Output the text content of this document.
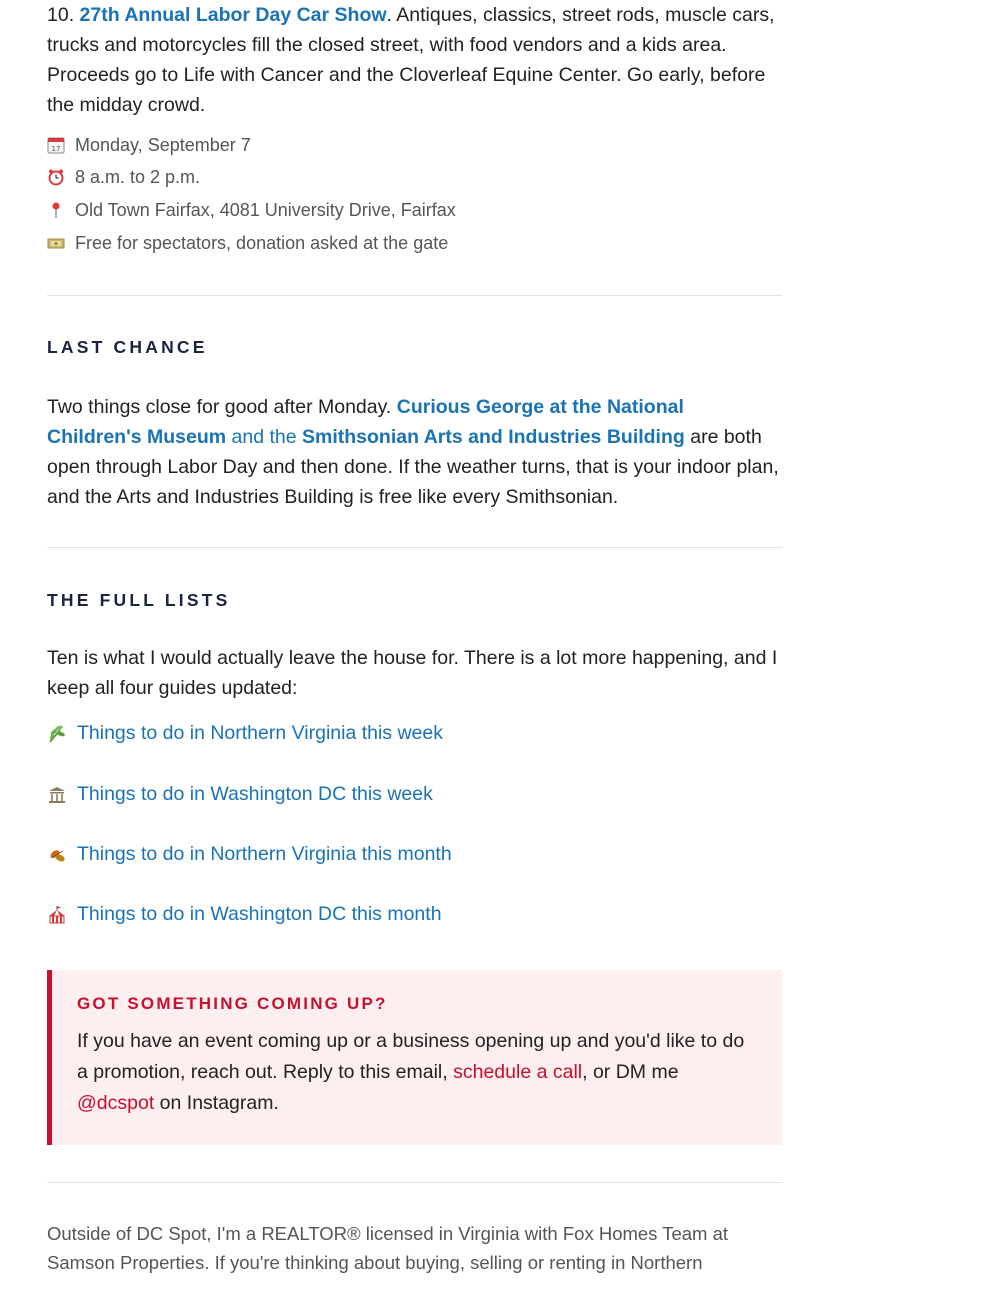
10. 27th Annual Labor Day Car Show. Antiques, classics, street rods, muscle cars, trucks and motorcycles fill the closed street, with food vendors and a kids area. Proceeds go to Life with Cancer and the Cloverleaf Equine Center. Go early, before the midday crowd.

17 Monday, September 7
8 a.m. to 2 p.m.
Old Town Fairfax, 4081 University Drive, Fairfax
Free for spectators, donation asked at the gate
LAST CHANCE

Two things close for good after Monday. Curious George at the National Children's Museum and the Smithsonian Arts and Industries Building are both open through Labor Day and then done. If the weather turns, that is your indoor plan, and the Arts and Industries Building is free like every Smithsonian.

THE FULL LISTS

Ten is what I would actually leave the house for. There is a lot more happening, and I keep all four guides updated:

Things to do in Northern Virginia this week
Things to do in Washington DC this week
Things to do in Northern Virginia this month
Things to do in Washington DC this month
GOT SOMETHING COMING UP?

If you have an event coming up or a business opening up and you'd like to do a promotion, reach out. Reply to this email, schedule a call, or DM me @dcspot on Instagram.

Outside of DC Spot, I'm a REALTOR® licensed in Virginia with Fox Homes Team at Samson Properties. If you're thinking about buying, selling or renting in Northern
